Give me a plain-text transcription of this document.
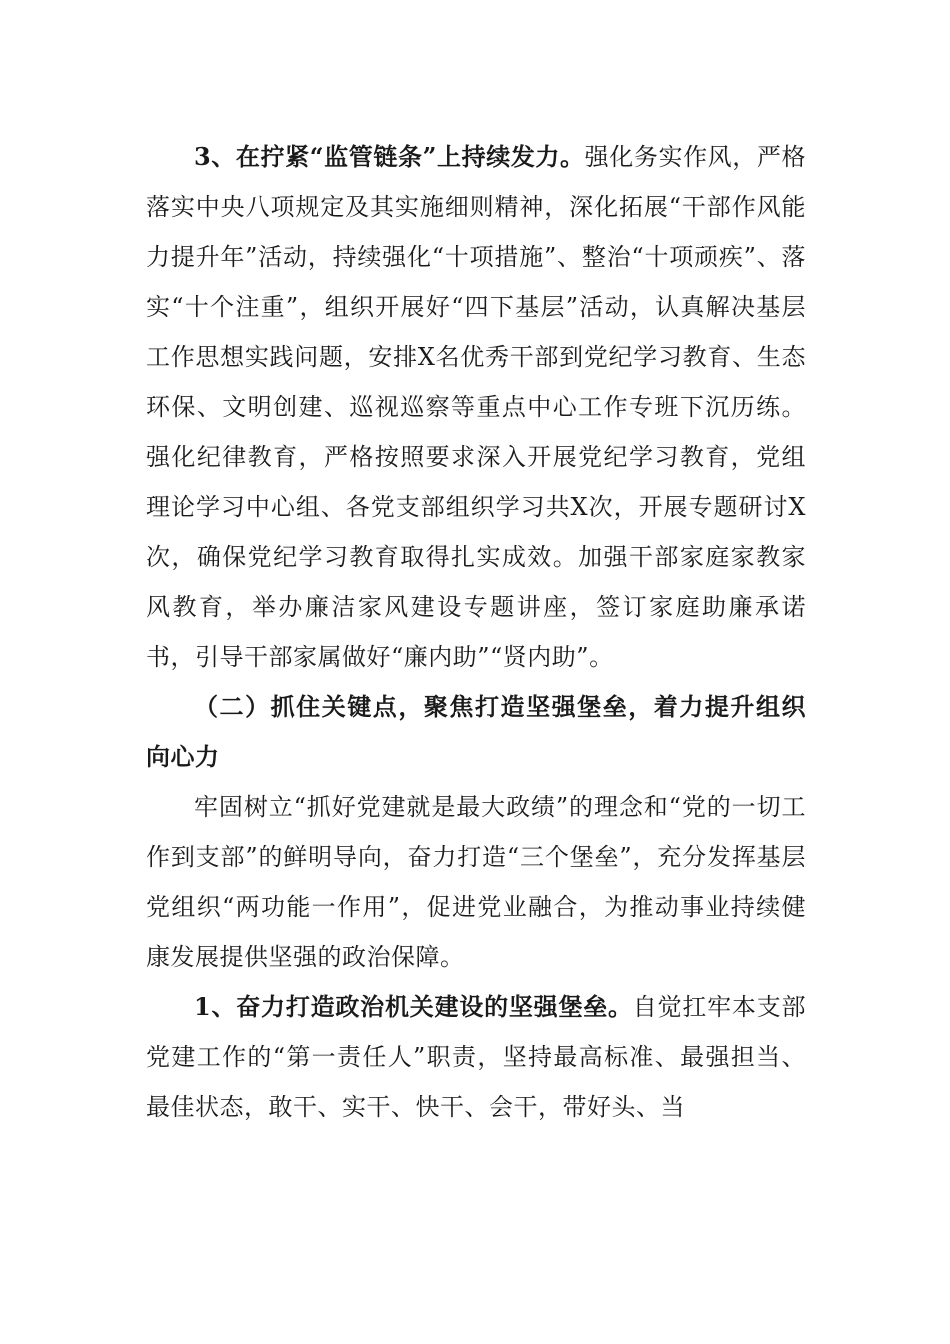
3、在拧紧“监管链条”上持续发力。强化务实作风，严格落实中央八项规定及其实施细则精神，深化拓展“干部作风能力提升年”活动，持续强化“十项措施”、整治“十项顽疾”、落实“十个注重”，组织开展好“四下基层”活动，认真解决基层工作思想实践问题，安排X名优秀干部到党纪学习教育、生态环保、文明创建、巡视巡察等重点中心工作专班下沉历练。强化纪律教育，严格按照要求深入开展党纪学习教育，党组理论学习中心组、各党支部组织学习共X次，开展专题研讨X次，确保党纪学习教育取得扎实成效。加强干部家庭家教家风教育，举办廉洁家风建设专题讲座，签订家庭助廉承诺书，引导干部家属做好“廉内助”“贤内助”。

（二）抓住关键点，聚焦打造坚强堡垒，着力提升组织向心力

牢固树立“抓好党建就是最大政绩”的理念和“党的一切工作到支部”的鲜明导向，奋力打造“三个堡垒”，充分发挥基层党组织“两功能一作用”，促进党业融合，为推动事业持续健康发展提供坚强的政治保障。

1、奋力打造政治机关建设的坚强堡垒。自觉扛牢本支部党建工作的“第一责任人”职责，坚持最高标准、最强担当、最佳状态，敢干、实干、快干、会干，带好头、当
